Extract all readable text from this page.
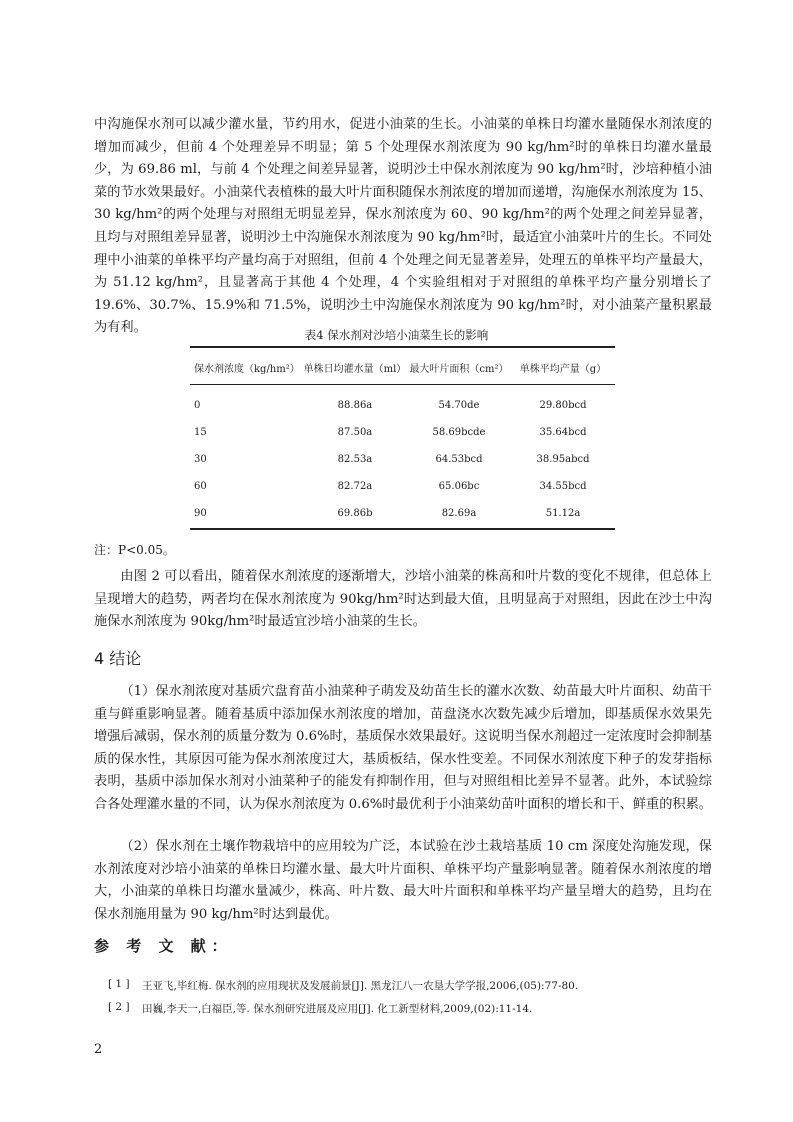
中沟施保水剂可以减少灌水量，节约用水，促进小油菜的生长。小油菜的单株日均灌水量随保水剂浓度的增加而减少，但前 4 个处理差异不明显；第 5 个处理保水剂浓度为 90 kg/hm²时的单株日均灌水量最少，为 69.86 ml，与前 4 个处理之间差异显著，说明沙土中保水剂浓度为 90 kg/hm²时，沙培种植小油菜的节水效果最好。小油菜代表植株的最大叶片面积随保水剂浓度的增加而递增，沟施保水剂浓度为 15、30 kg/hm²的两个处理与对照组无明显差异，保水剂浓度为 60、90 kg/hm²的两个处理之间差异显著，且均与对照组差异显著，说明沙土中沟施保水剂浓度为 90 kg/hm²时，最适宜小油菜叶片的生长。不同处理中小油菜的单株平均产量均高于对照组，但前 4 个处理之间无显著差异，处理五的单株平均产量最大，为 51.12 kg/hm²，且显著高于其他 4 个处理，4 个实验组相对于对照组的单株平均产量分别增长了 19.6%、30.7%、15.9%和 71.5%，说明沙土中沟施保水剂浓度为 90 kg/hm²时，对小油菜产量积累最为有利。	表4 保水剂对沙培小油菜生长的影响

保水剂浓度（kg/hm²） 单株日均灌水量（ml） 最大叶片面积（cm²）	单株平均产量（g）
0	88.86a	54.70de	29.80bcd
15	87.50a	58.69bcde	35.64bcd
30	82.53a	64.53bcd	38.95abcd
60	82.72a	65.06bc	34.55bcd
90	69.86b	82.69a	51.12a

注：P<0.05。

由图 2 可以看出，随着保水剂浓度的逐渐增大，沙培小油菜的株高和叶片数的变化不规律，但总体上呈现增大的趋势，两者均在保水剂浓度为 90kg/hm²时达到最大值，且明显高于对照组，因此在沙土中沟施保水剂浓度为 90kg/hm²时最适宜沙培小油菜的生长。

4 结论

（1）保水剂浓度对基质穴盘育苗小油菜种子萌发及幼苗生长的灌水次数、幼苗最大叶片面积、幼苗干重与鲜重影响显著。随着基质中添加保水剂浓度的增加，苗盘浇水次数先减少后增加，即基质保水效果先增强后减弱，保水剂的质量分数为 0.6%时，基质保水效果最好。这说明当保水剂超过一定浓度时会抑制基质的保水性，其原因可能为保水剂浓度过大，基质板结，保水性变差。不同保水剂浓度下种子的发芽指标表明，基质中添加保水剂对小油菜种子的能发有抑制作用，但与对照组相比差异不显著。此外，本试验综合各处理灌水量的不同，认为保水剂浓度为 0.6%时最优利于小油菜幼苗叶面积的增长和干、鲜重的积累。

（2）保水剂在土壤作物栽培中的应用较为广泛，本试验在沙土栽培基质 10 cm 深度处沟施发现，保水剂浓度对沙培小油菜的单株日均灌水量、最大叶片面积、单株平均产量影响显著。随着保水剂浓度的增大，小油菜的单株日均灌水量减少，株高、叶片数、最大叶片面积和单株平均产量呈增大的趋势，且均在保水剂施用量为 90 kg/hm²时达到最优。

参 考 文 献：

[ 1 ]	王亚飞,毕红梅. 保水剂的应用现状及发展前景[J]. 黑龙江八一农垦大学学报,2006,(05):77-80.

[ 2 ]	田巍,李天一,白福臣,等. 保水剂研究进展及应用[J]. 化工新型材料,2009,(02):11-14.

2
